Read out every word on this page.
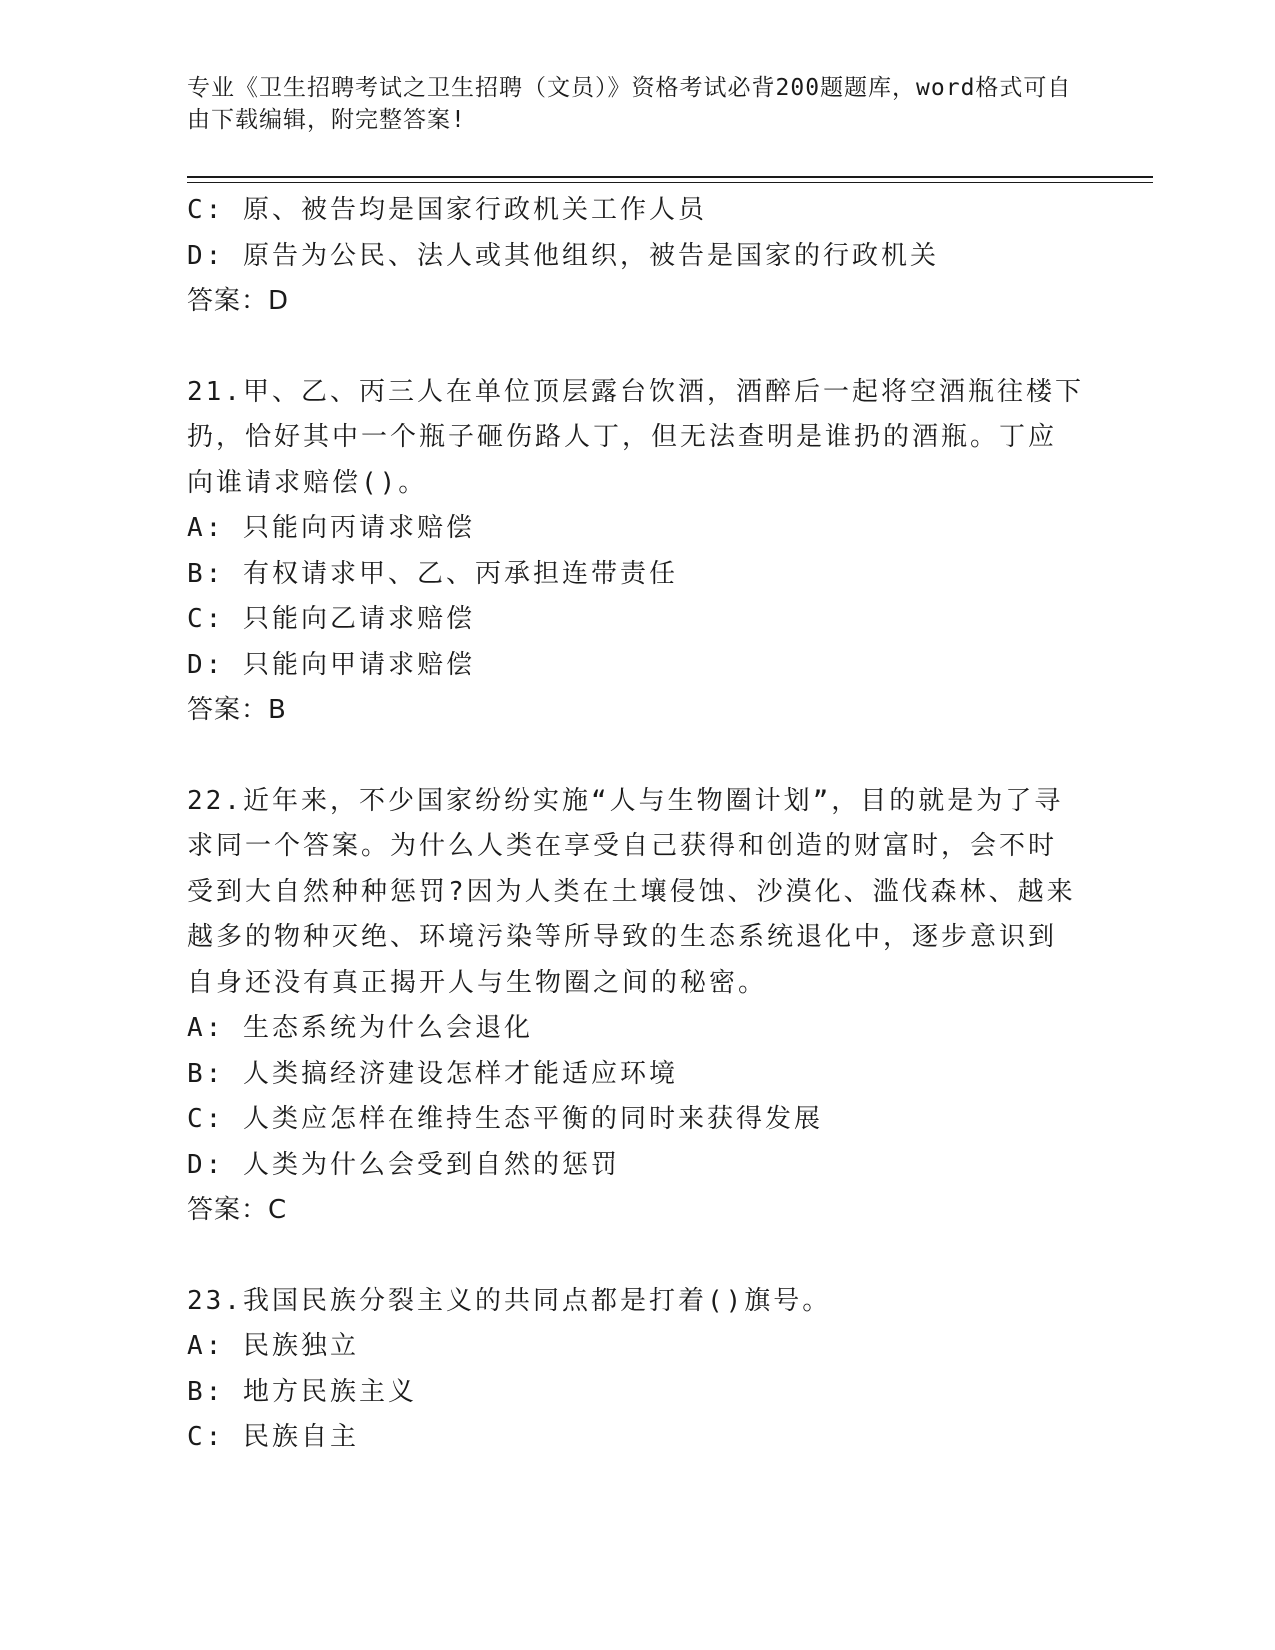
专业《卫生招聘考试之卫生招聘（文员）》资格考试必背200题题库，word格式可自由下载编辑，附完整答案!
C: 原、被告均是国家行政机关工作人员
D: 原告为公民、法人或其他组织，被告是国家的行政机关
答案：D
21.甲、乙、丙三人在单位顶层露台饮酒，酒醉后一起将空酒瓶往楼下
扔，恰好其中一个瓶子砸伤路人丁，但无法查明是谁扔的酒瓶。丁应
向谁请求赔偿()。
A: 只能向丙请求赔偿
B: 有权请求甲、乙、丙承担连带责任
C: 只能向乙请求赔偿
D: 只能向甲请求赔偿
答案：B
22.近年来，不少国家纷纷实施“人与生物圈计划”，目的就是为了寻
求同一个答案。为什么人类在享受自己获得和创造的财富时，会不时
受到大自然种种惩罚?因为人类在土壤侵蚀、沙漠化、滥伐森林、越来
越多的物种灭绝、环境污染等所导致的生态系统退化中，逐步意识到
自身还没有真正揭开人与生物圈之间的秘密。
A: 生态系统为什么会退化
B: 人类搞经济建设怎样才能适应环境
C: 人类应怎样在维持生态平衡的同时来获得发展
D: 人类为什么会受到自然的惩罚
答案：C
23.我国民族分裂主义的共同点都是打着()旗号。
A: 民族独立
B: 地方民族主义
C: 民族自主
